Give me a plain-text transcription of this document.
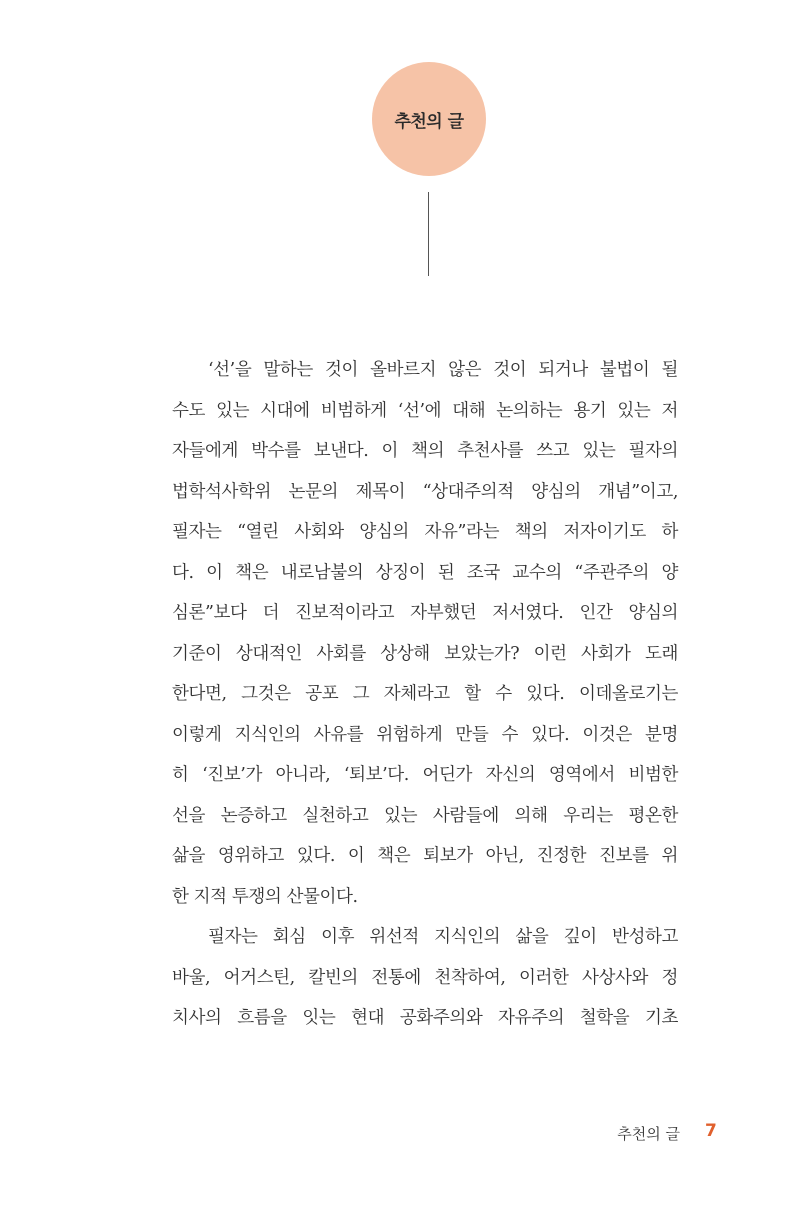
추천의 글
‘선’을 말하는 것이 올바르지 않은 것이 되거나 불법이 될
수도 있는 시대에 비범하게 ‘선’에 대해 논의하는 용기 있는 저
자들에게 박수를 보낸다. 이 책의 추천사를 쓰고 있는 필자의
법학석사학위 논문의 제목이 “상대주의적 양심의 개념”이고,
필자는 “열린 사회와 양심의 자유”라는 책의 저자이기도 하
다. 이 책은 내로남불의 상징이 된 조국 교수의 “주관주의 양
심론”보다 더 진보적이라고 자부했던 저서였다. 인간 양심의
기준이 상대적인 사회를 상상해 보았는가? 이런 사회가 도래
한다면, 그것은 공포 그 자체라고 할 수 있다. 이데올로기는
이렇게 지식인의 사유를 위험하게 만들 수 있다. 이것은 분명
히 ‘진보’가 아니라, ‘퇴보’다. 어딘가 자신의 영역에서 비범한
선을 논증하고 실천하고 있는 사람들에 의해 우리는 평온한
삶을 영위하고 있다. 이 책은 퇴보가 아닌, 진정한 진보를 위
한 지적 투쟁의 산물이다.
필자는 회심 이후 위선적 지식인의 삶을 깊이 반성하고
바울, 어거스틴, 칼빈의 전통에 천착하여, 이러한 사상사와 정
치사의 흐름을 잇는 현대 공화주의와 자유주의 철학을 기초
추천의 글 7
